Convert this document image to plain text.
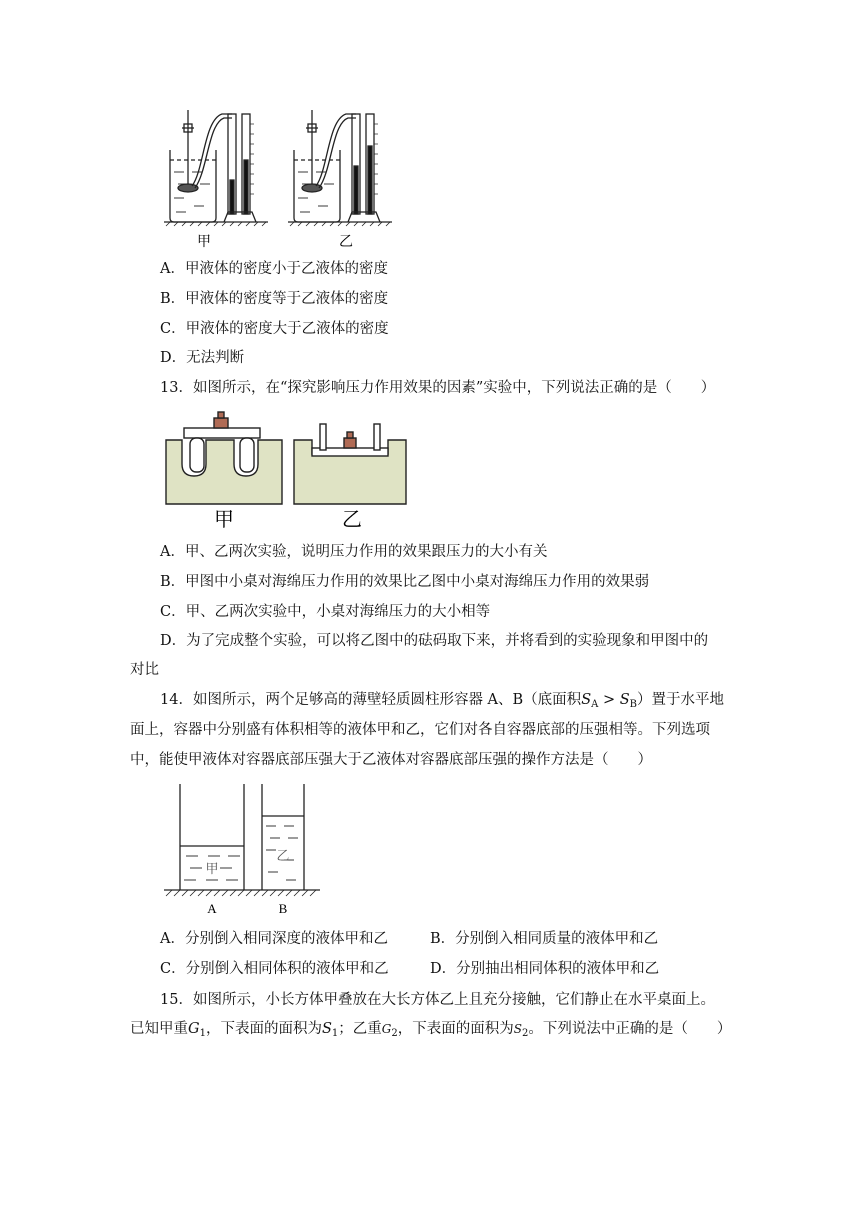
甲	乙
A．甲液体的密度小于乙液体的密度
B．甲液体的密度等于乙液体的密度
C．甲液体的密度大于乙液体的密度
D．无法判断
13．如图所示，在“探究影响压力作用效果的因素”实验中，下列说法正确的是（　　）
甲	乙
A．甲、乙两次实验，说明压力作用的效果跟压力的大小有关
B．甲图中小桌对海绵压力作用的效果比乙图中小桌对海绵压力作用的效果弱
C．甲、乙两次实验中，小桌对海绵压力的大小相等
D．为了完成整个实验，可以将乙图中的砝码取下来，并将看到的实验现象和甲图中的
对比
14．如图所示，两个足够高的薄壁轻质圆柱形容器 A、B（底面积$S_A > S_B$）置于水平地
面上，容器中分别盛有体积相等的液体甲和乙，它们对各自容器底部的压强相等。下列选项
中，能使甲液体对容器底部压强大于乙液体对容器底部压强的操作方法是（　　）
甲
乙
A	B
A．分别倒入相同深度的液体甲和乙	B．分别倒入相同质量的液体甲和乙
C．分别倒入相同体积的液体甲和乙	D．分别抽出相同体积的液体甲和乙
15．如图所示，小长方体甲叠放在大长方体乙上且充分接触，它们静止在水平桌面上。
已知甲重$G_1$，下表面的面积为$S_1$；乙重$G_2$，下表面的面积为$S_2$。下列说法中正确的是（　　）
